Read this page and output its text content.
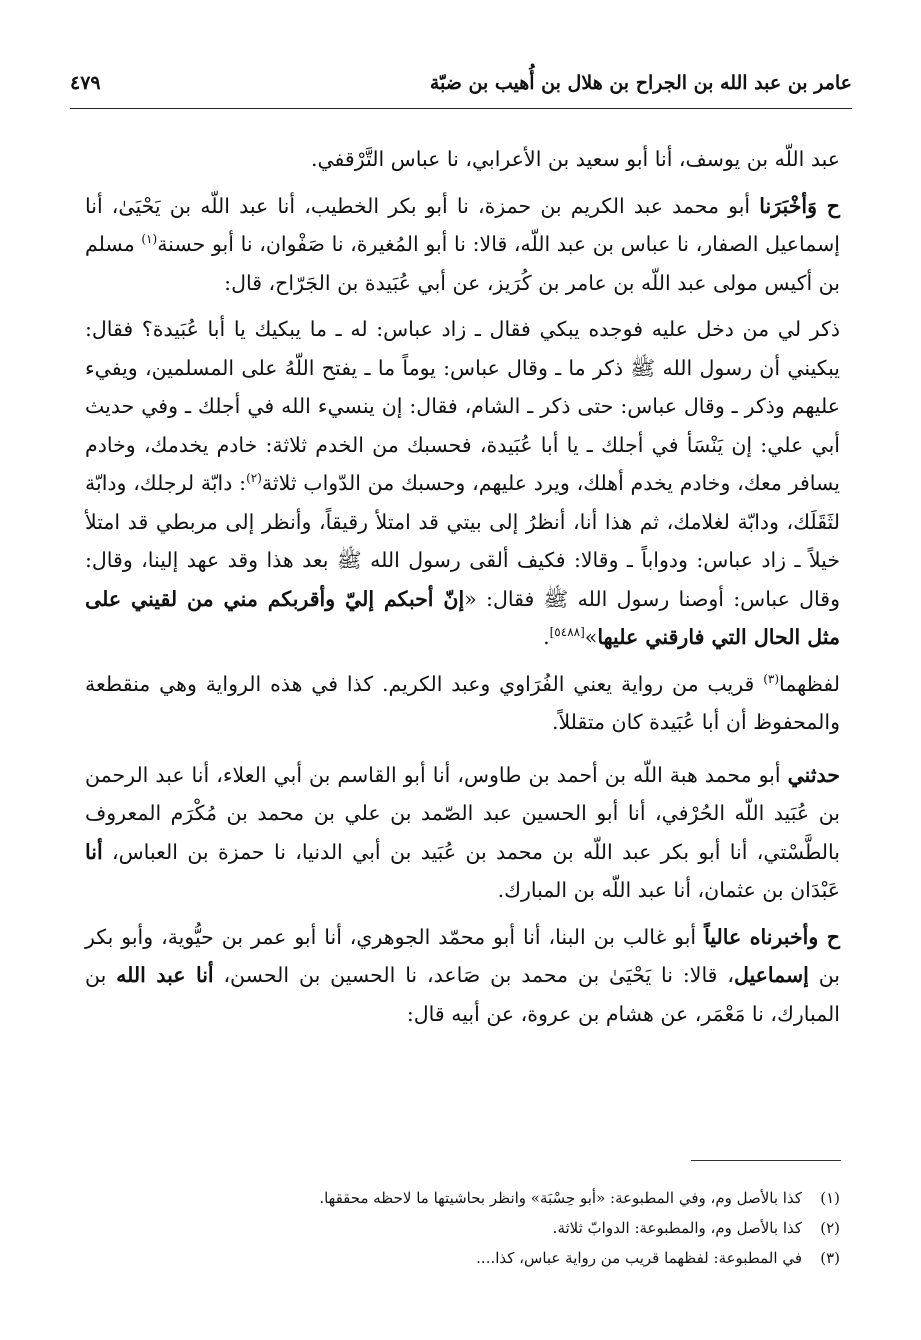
عامر بن عبد الله بن الجراح بن هلال بن أُهيب بن ضبّة
٤٧٩

عبد اللّه بن يوسف، أنا أبو سعيد بن الأعرابي، نا عباس التَّرْقفي.

ح وَأخْبَرَنا أبو محمد عبد الكريم بن حمزة، نا أبو بكر الخطيب، أنا عبد اللّه بن يَحْيَىٰ، أنا إسماعيل الصفار، نا عباس بن عبد اللّه، قالا: نا أبو المُغيرة، نا صَفْوان، نا أبو حسنة$^{(١)}$ مسلم بن أكيس مولى عبد اللّه بن عامر بن كُرَيز، عن أبي عُبَيدة بن الجَرّاح، قال:

ذكر لي من دخل عليه فوجده يبكي فقال ـ زاد عباس: له ـ ما يبكيك يا أبا عُبَيدة؟ فقال: يبكيني أن رسول الله ﷺ ذكر ما ـ وقال عباس: يوماً ما ـ يفتح اللّهُ على المسلمين، ويفيء عليهم وذكر ـ وقال عباس: حتى ذكر ـ الشام، فقال: إن ينسيء الله في أجلك ـ وفي حديث أبي علي: إن يَنْسَأ في أجلك ـ يا أبا عُبَيدة، فحسبك من الخدم ثلاثة: خادم يخدمك، وخادم يسافر معك، وخادم يخدم أهلك، ويرد عليهم، وحسبك من الدّواب ثلاثة$^{(٢)}$: دابّة لرجلك، ودابّة لثَقَلَك، ودابّة لغلامك، ثم هذا أنا، أنظرُ إلى بيتي قد امتلأ رقيقاً، وأنظر إلى مربطي قد امتلأ خيلاً ـ زاد عباس: ودواباً ـ وقالا: فكيف ألقى رسول الله ﷺ بعد هذا وقد عهد إلينا، وقال: وقال عباس: أوصنا رسول الله ﷺ فقال: «إنّ أحبكم إليّ وأقربكم مني من لقيني على مثل الحال التي فارقني عليها»[٥٤٨٨].

لفظهما$^{(٣)}$ قريب من رواية يعني الفُرَاوي وعبد الكريم. كذا في هذه الرواية وهي منقطعة والمحفوظ أن أبا عُبَيدة كان متقللاً.

حدثني أبو محمد هبة اللّه بن أحمد بن طاوس، أنا أبو القاسم بن أبي العلاء، أنا عبد الرحمن بن عُبَيد اللّه الحُرْفي، أنا أبو الحسين عبد الصّمد بن علي بن محمد بن مُكْرَم المعروف بالطَّسْتي، أنا أبو بكر عبد اللّه بن محمد بن عُبَيد بن أبي الدنيا، نا حمزة بن العباس، أنا عَبْدَان بن عثمان، أنا عبد اللّه بن المبارك.

ح وأخبرناه عالياً أبو غالب بن البنا، أنا أبو محمّد الجوهري، أنا أبو عمر بن حيُّوية، وأبو بكر بن إسماعيل، قالا: نا يَحْيَىٰ بن محمد بن صَاعد، نا الحسين بن الحسن، أنا عبد الله بن المبارك، نا مَعْمَر، عن هشام بن عروة، عن أبيه قال:

(١)كذا بالأصل وم، وفي المطبوعة: «أبو حِسْبَة» وانظر بحاشيتها ما لاحظه محققها.

(٢)كذا بالأصل وم، والمطبوعة: الدوابّ ثلاثة.

(٣)في المطبوعة: لفظهما قريب من رواية عباس، كذا....
